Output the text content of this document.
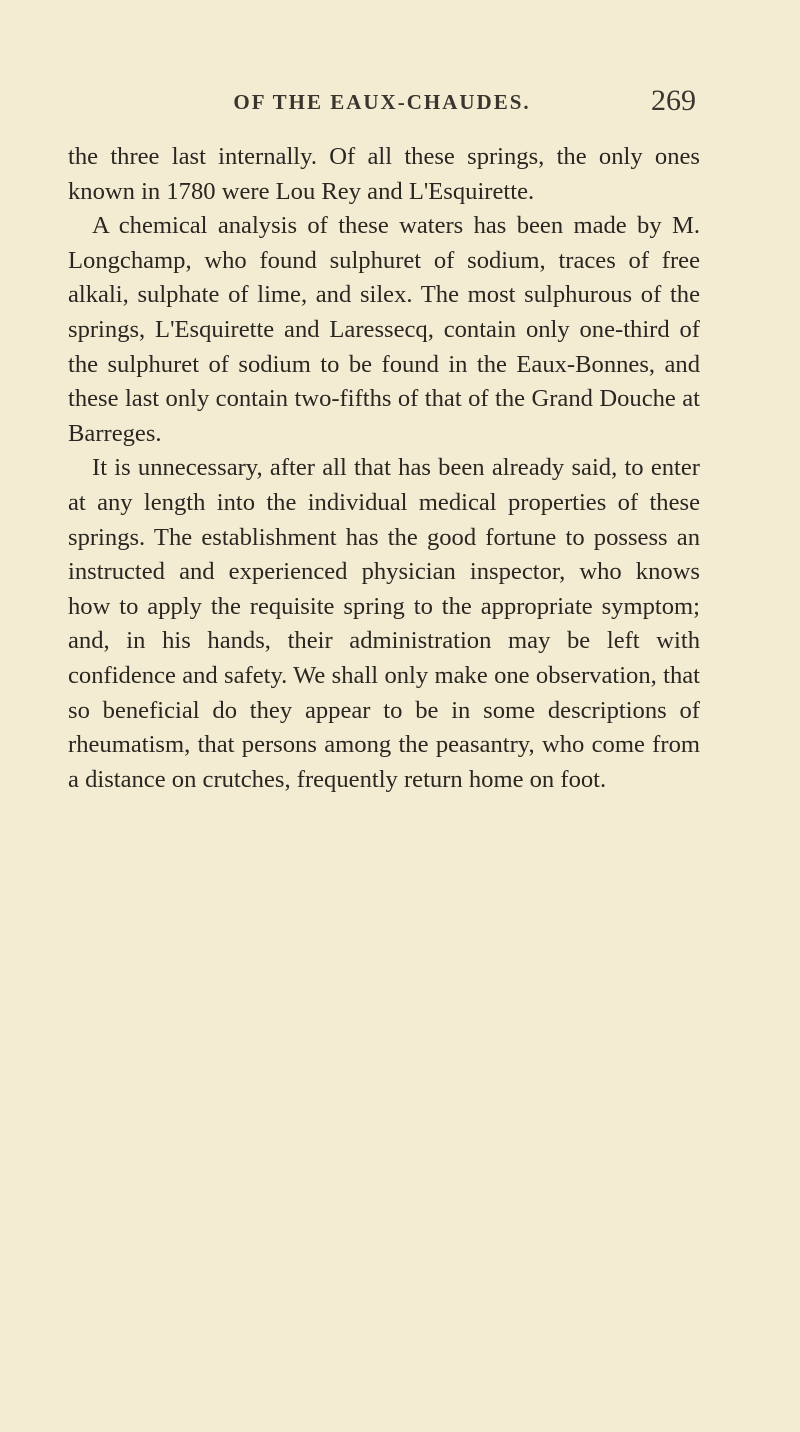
OF THE EAUX-CHAUDES.	269

the three last internally. Of all these springs, the only ones known in 1780 were Lou Rey and L'Esquirette.

A chemical analysis of these waters has been made by M. Longchamp, who found sulphuret of sodium, traces of free alkali, sulphate of lime, and silex. The most sulphurous of the springs, L'Esquirette and Laressecq, contain only one-third of the sulphuret of sodium to be found in the Eaux-Bonnes, and these last only contain two-fifths of that of the Grand Douche at Barreges.

It is unnecessary, after all that has been already said, to enter at any length into the individual medical properties of these springs. The establishment has the good fortune to possess an instructed and experienced physician inspector, who knows how to apply the requisite spring to the appropriate symptom; and, in his hands, their administration may be left with confidence and safety. We shall only make one observation, that so beneficial do they appear to be in some descriptions of rheumatism, that persons among the peasantry, who come from a distance on crutches, frequently return home on foot.
